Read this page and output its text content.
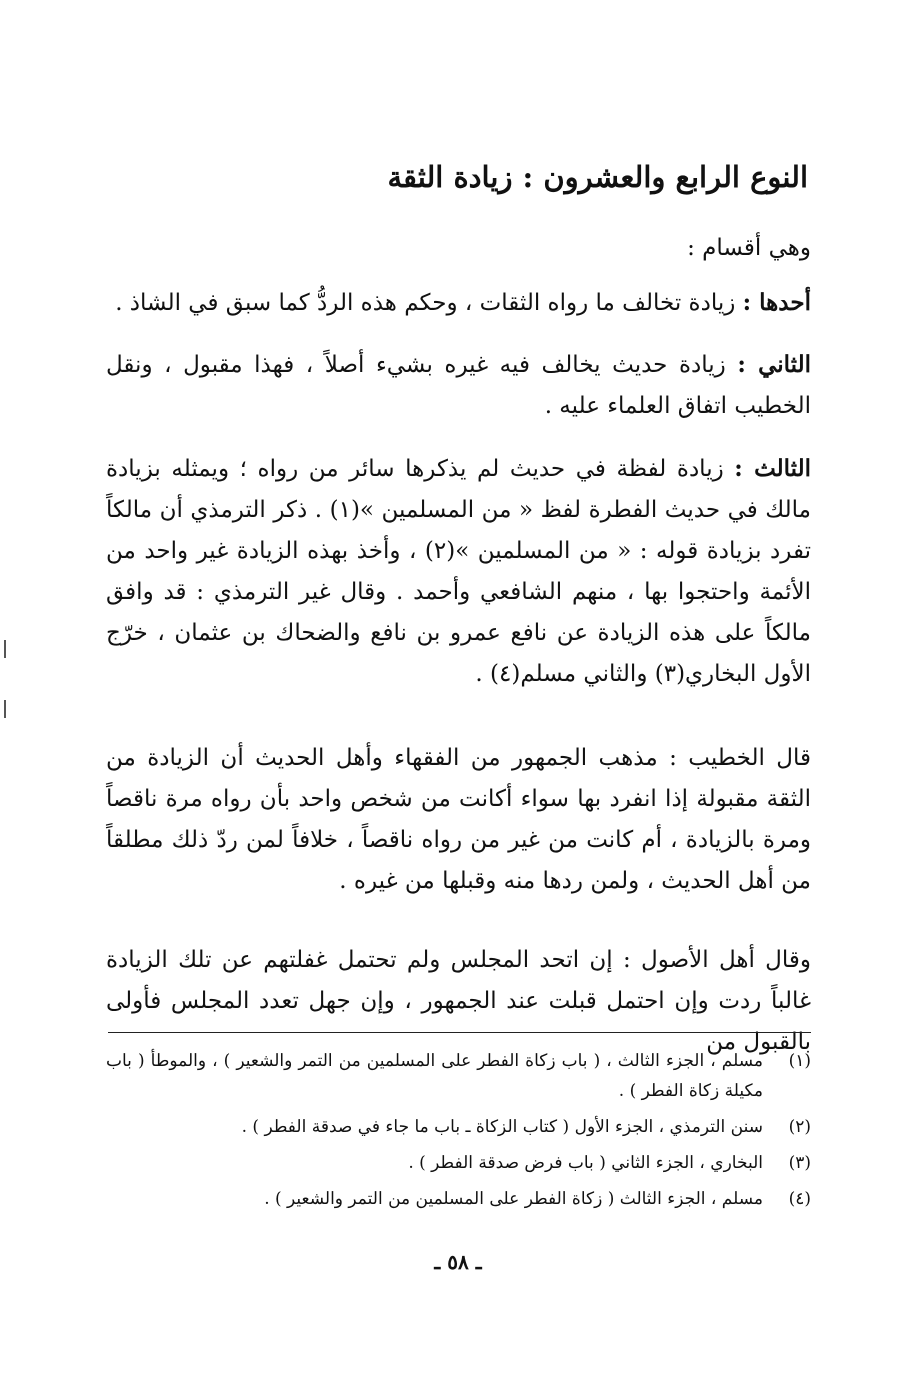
النوع الرابع والعشرون : زيادة الثقة
وهي أقسام :
أحدها : زيادة تخالف ما رواه الثقات ، وحكم هذه الردُّ كما سبق في الشاذ .
الثاني : زيادة حديث يخالف فيه غيره بشيء أصلاً ، فهذا مقبول ، ونقل الخطيب اتفاق العلماء عليه .
الثالث : زيادة لفظة في حديث لم يذكرها سائر من رواه ؛ ويمثله بزيادة مالك في حديث الفطرة لفظ « من المسلمين »(١) . ذكر الترمذي أن مالكاً تفرد بزيادة قوله : « من المسلمين »(٢) ، وأخذ بهذه الزيادة غير واحد من الأئمة واحتجوا بها ، منهم الشافعي وأحمد . وقال غير الترمذي : قد وافق مالكاً على هذه الزيادة عن نافع عمرو بن نافع والضحاك بن عثمان ، خرّج الأول البخاري(٣) والثاني مسلم(٤) .
قال الخطيب : مذهب الجمهور من الفقهاء وأهل الحديث أن الزيادة من الثقة مقبولة إذا انفرد بها سواء أكانت من شخص واحد بأن رواه مرة ناقصاً ومرة بالزيادة ، أم كانت من غير من رواه ناقصاً ، خلافاً لمن ردّ ذلك مطلقاً من أهل الحديث ، ولمن ردها منه وقبلها من غيره .
وقال أهل الأصول : إن اتحد المجلس ولم تحتمل غفلتهم عن تلك الزيادة غالباً ردت وإن احتمل قبلت عند الجمهور ، وإن جهل تعدد المجلس فأولى بالقبول من
(١)
مسلم ، الجزء الثالث ، ( باب زكاة الفطر على المسلمين من التمر والشعير ) ، والموطأ ( باب مكيلة زكاة الفطر ) .
(٢)
سنن الترمذي ، الجزء الأول ( كتاب الزكاة ـ باب ما جاء في صدقة الفطر ) .
(٣)
البخاري ، الجزء الثاني ( باب فرض صدقة الفطر ) .
(٤)
مسلم ، الجزء الثالث ( زكاة الفطر على المسلمين من التمر والشعير ) .
ـ ٥٨ ـ
